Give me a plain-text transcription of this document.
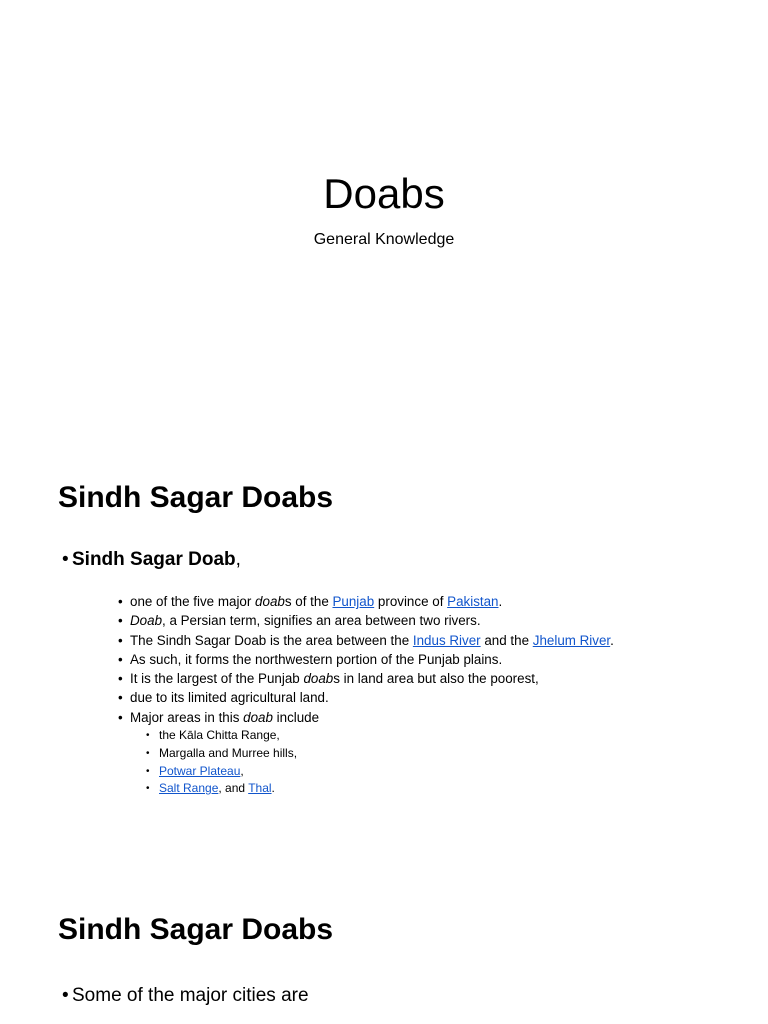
Doabs
General Knowledge
Sindh Sagar Doabs
• Sindh Sagar Doab,
• one of the five major doabs of the Punjab province of Pakistan.
• Doab, a Persian term, signifies an area between two rivers.
• The Sindh Sagar Doab is the area between the Indus River and the Jhelum River.
• As such, it forms the northwestern portion of the Punjab plains.
• It is the largest of the Punjab doabs in land area but also the poorest,
• due to its limited agricultural land.
• Major areas in this doab include
• the Kāla Chitta Range,
• Margalla and Murree hills,
• Potwar Plateau,
• Salt Range, and Thal.
Sindh Sagar Doabs
• Some of the major cities are
